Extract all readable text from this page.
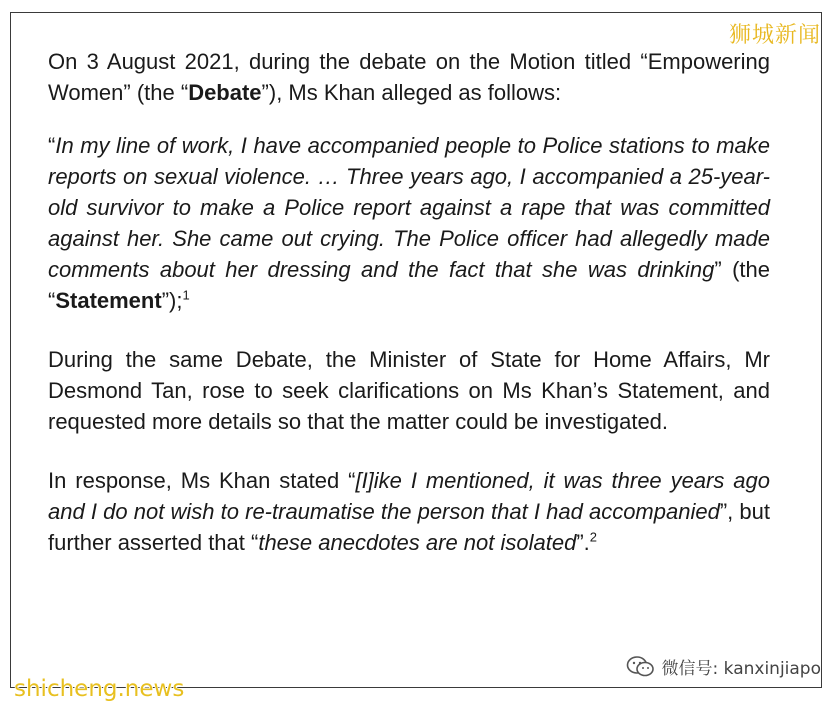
狮城新闻

On 3 August 2021, during the debate on the Motion titled “Empowering Women” (the “Debate”), Ms Khan alleged as follows:

“In my line of work, I have accompanied people to Police stations to make reports on sexual violence. … Three years ago, I accompanied a 25-year-old survivor to make a Police report against a rape that was committed against her. She came out crying. The Police officer had allegedly made comments about her dressing and the fact that she was drinking” (the “Statement”);$^1$

During the same Debate, the Minister of State for Home Affairs, Mr Desmond Tan, rose to seek clarifications on Ms Khan’s Statement, and requested more details so that the matter could be investigated.

In response, Ms Khan stated “[I]ike I mentioned, it was three years ago and I do not wish to re-traumatise the person that I had accompanied”, but further asserted that “these anecdotes are not isolated”.$^2$

微信号: kanxinjiapo
shicheng.news
